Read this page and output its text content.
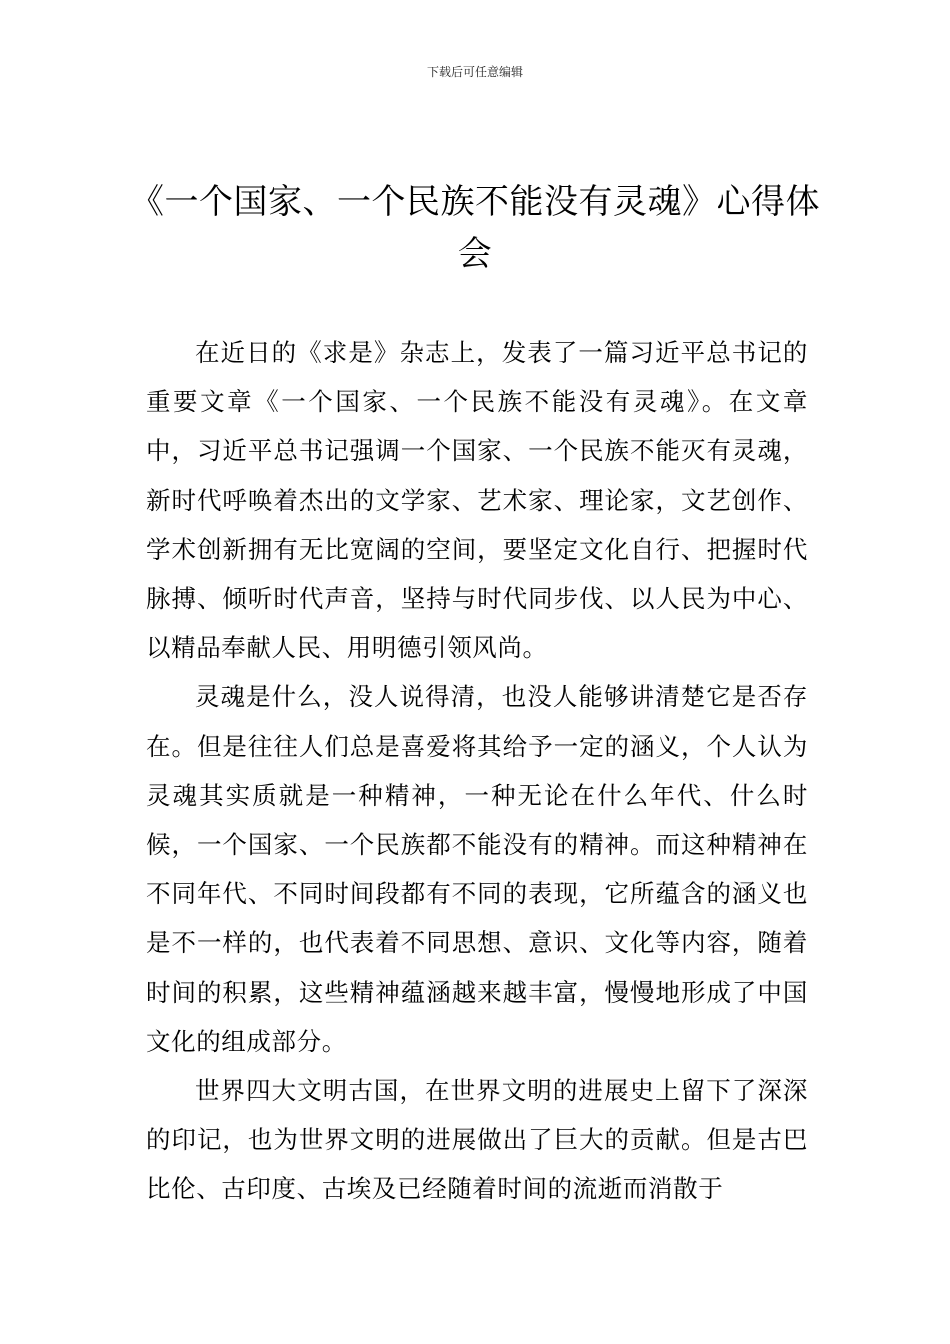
下载后可任意编辑
《一个国家、一个民族不能没有灵魂》心得体会

在近日的《求是》杂志上，发表了一篇习近平总书记的重要文章《一个国家、一个民族不能没有灵魂》。在文章中，习近平总书记强调一个国家、一个民族不能灭有灵魂，新时代呼唤着杰出的文学家、艺术家、理论家，文艺创作、学术创新拥有无比宽阔的空间，要坚定文化自行、把握时代脉搏、倾听时代声音，坚持与时代同步伐、以人民为中心、以精品奉献人民、用明德引领风尚。

灵魂是什么，没人说得清，也没人能够讲清楚它是否存在。但是往往人们总是喜爱将其给予一定的涵义，个人认为灵魂其实质就是一种精神，一种无论在什么年代、什么时候，一个国家、一个民族都不能没有的精神。而这种精神在不同年代、不同时间段都有不同的表现，它所蕴含的涵义也是不一样的，也代表着不同思想、意识、文化等内容，随着时间的积累，这些精神蕴涵越来越丰富，慢慢地形成了中国文化的组成部分。

世界四大文明古国，在世界文明的进展史上留下了深深的印记，也为世界文明的进展做出了巨大的贡献。但是古巴比伦、古印度、古埃及已经随着时间的流逝而消散于
